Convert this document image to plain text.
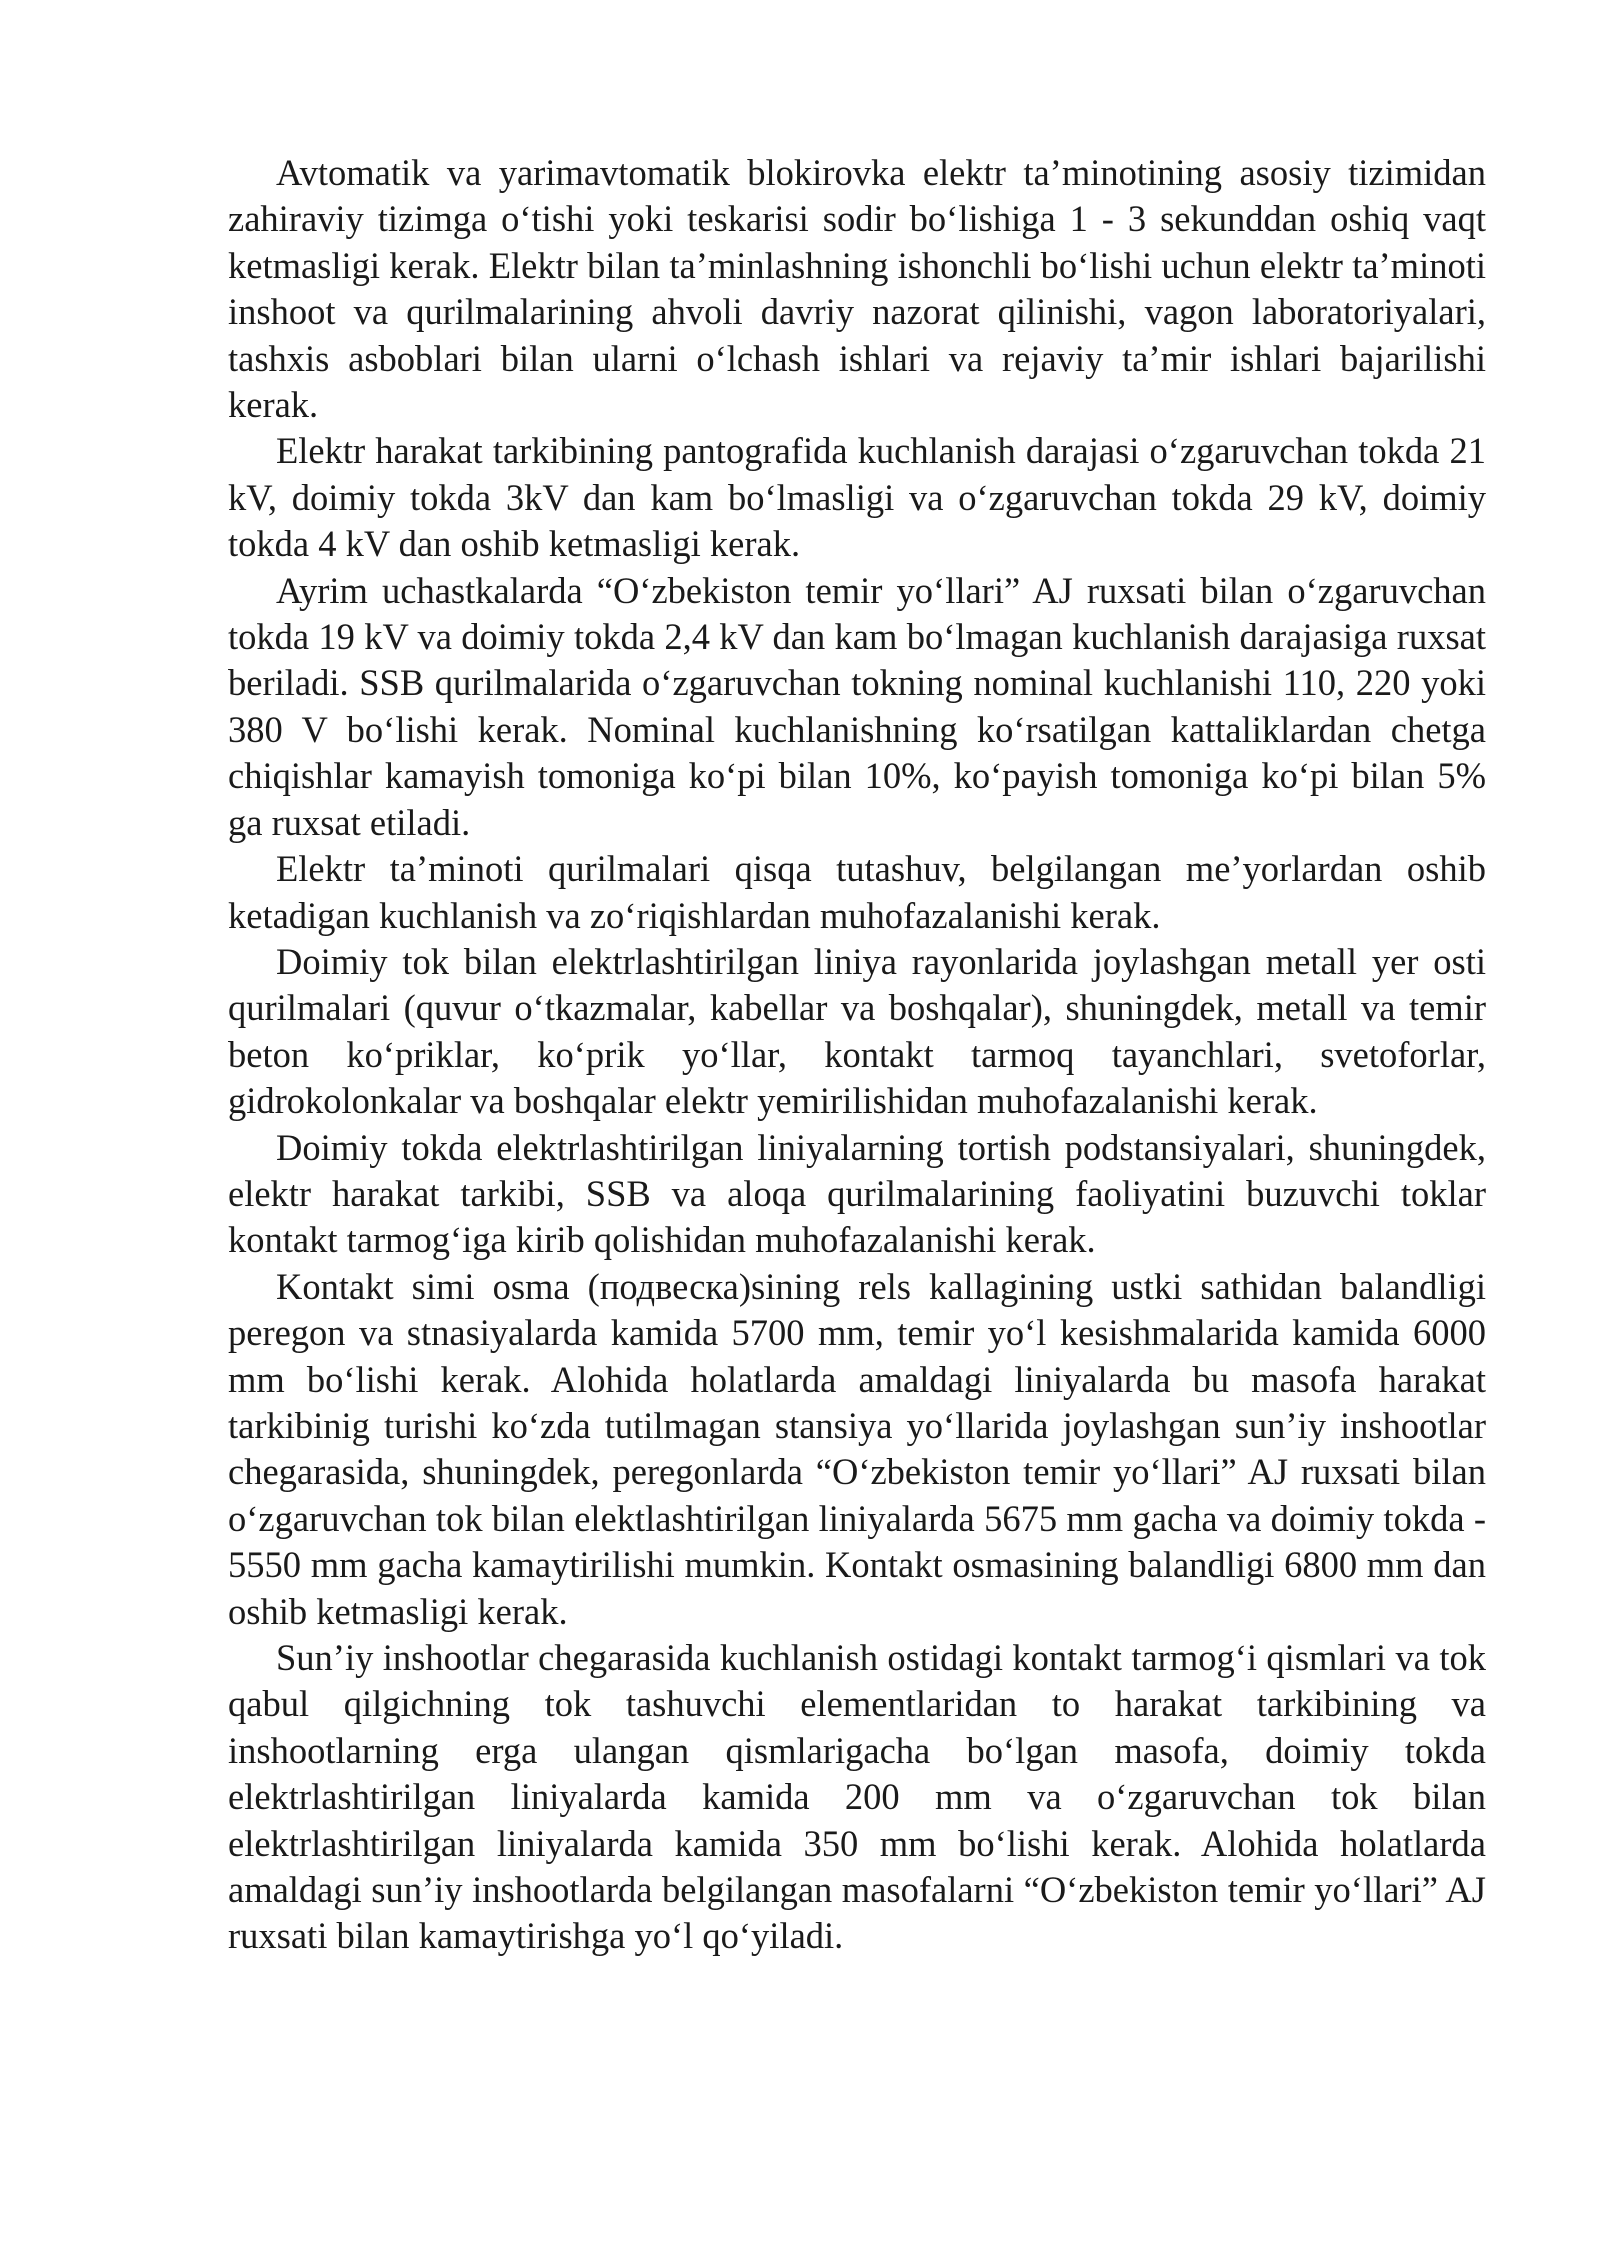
Avtomatik va yarimavtomatik blokirovka elektr ta’minotining asosiy tizimidan zahiraviy tizimga o‘tishi yoki teskarisi sodir bo‘lishiga 1 - 3 sekunddan oshiq vaqt ketmasligi kerak. Elektr bilan ta’minlashning ishonchli bo‘lishi uchun elektr ta’minoti inshoot va qurilmalarining ahvoli davriy nazorat qilinishi, vagon laboratoriyalari, tashxis asboblari bilan ularni o‘lchash ishlari va rejaviy ta’mir ishlari bajarilishi kerak.

Elektr harakat tarkibining pantografida kuchlanish darajasi o‘zgaruvchan tokda 21 kV, doimiy tokda 3kV dan kam bo‘lmasligi va o‘zgaruvchan tokda 29 kV, doimiy tokda 4 kV dan oshib ketmasligi kerak.

Ayrim uchastkalarda “O‘zbekiston temir yo‘llari” AJ ruxsati bilan o‘zgaruvchan tokda 19 kV va doimiy tokda 2,4 kV dan kam bo‘lmagan kuchlanish darajasiga ruxsat beriladi. SSB qurilmalarida o‘zgaruvchan tokning nominal kuchlanishi 110, 220 yoki 380 V bo‘lishi kerak. Nominal kuchlanishning ko‘rsatilgan kattaliklardan chetga chiqishlar kamayish tomoniga ko‘pi bilan 10%, ko‘payish tomoniga ko‘pi bilan 5% ga ruxsat etiladi.

Elektr ta’minoti qurilmalari qisqa tutashuv, belgilangan me’yorlardan oshib ketadigan kuchlanish va zo‘riqishlardan muhofazalanishi kerak.

Doimiy tok bilan elektrlashtirilgan liniya rayonlarida joylashgan metall yer osti qurilmalari (quvur o‘tkazmalar, kabellar va boshqalar), shuningdek, metall va temir beton ko‘priklar, ko‘prik yo‘llar, kontakt tarmoq tayanchlari, svetoforlar, gidrokolonkalar va boshqalar elektr yemirilishidan muhofazalanishi kerak.

Doimiy tokda elektrlashtirilgan liniyalarning tortish podstansiyalari, shuningdek, elektr harakat tarkibi, SSB va aloqa qurilmalarining faoliyatini buzuvchi toklar kontakt tarmog‘iga kirib qolishidan muhofazalanishi kerak.

Kontakt simi osma (подвеска)sining rels kallagining ustki sathidan balandligi peregon va stnasiyalarda kamida 5700 mm, temir yo‘l kesishmalarida kamida 6000 mm bo‘lishi kerak. Alohida holatlarda amaldagi liniyalarda bu masofa harakat tarkibinig turishi ko‘zda tutilmagan stansiya yo‘llarida joylashgan sun’iy inshootlar chegarasida, shuningdek, peregonlarda “O‘zbekiston temir yo‘llari” AJ ruxsati bilan o‘zgaruvchan tok bilan elektlashtirilgan liniyalarda 5675 mm gacha va doimiy tokda - 5550 mm gacha kamaytirilishi mumkin. Kontakt osmasining balandligi 6800 mm dan oshib ketmasligi kerak.

Sun’iy inshootlar chegarasida kuchlanish ostidagi kontakt tarmog‘i qismlari va tok qabul qilgichning tok tashuvchi elementlaridan to harakat tarkibining va inshootlarning erga ulangan qismlarigacha bo‘lgan masofa, doimiy tokda elektrlashtirilgan liniyalarda kamida 200 mm va o‘zgaruvchan tok bilan elektrlashtirilgan liniyalarda kamida 350 mm bo‘lishi kerak. Alohida holatlarda amaldagi sun’iy inshootlarda belgilangan masofalarni “O‘zbekiston temir yo‘llari” AJ ruxsati bilan kamaytirishga yo‘l qo‘yiladi.
